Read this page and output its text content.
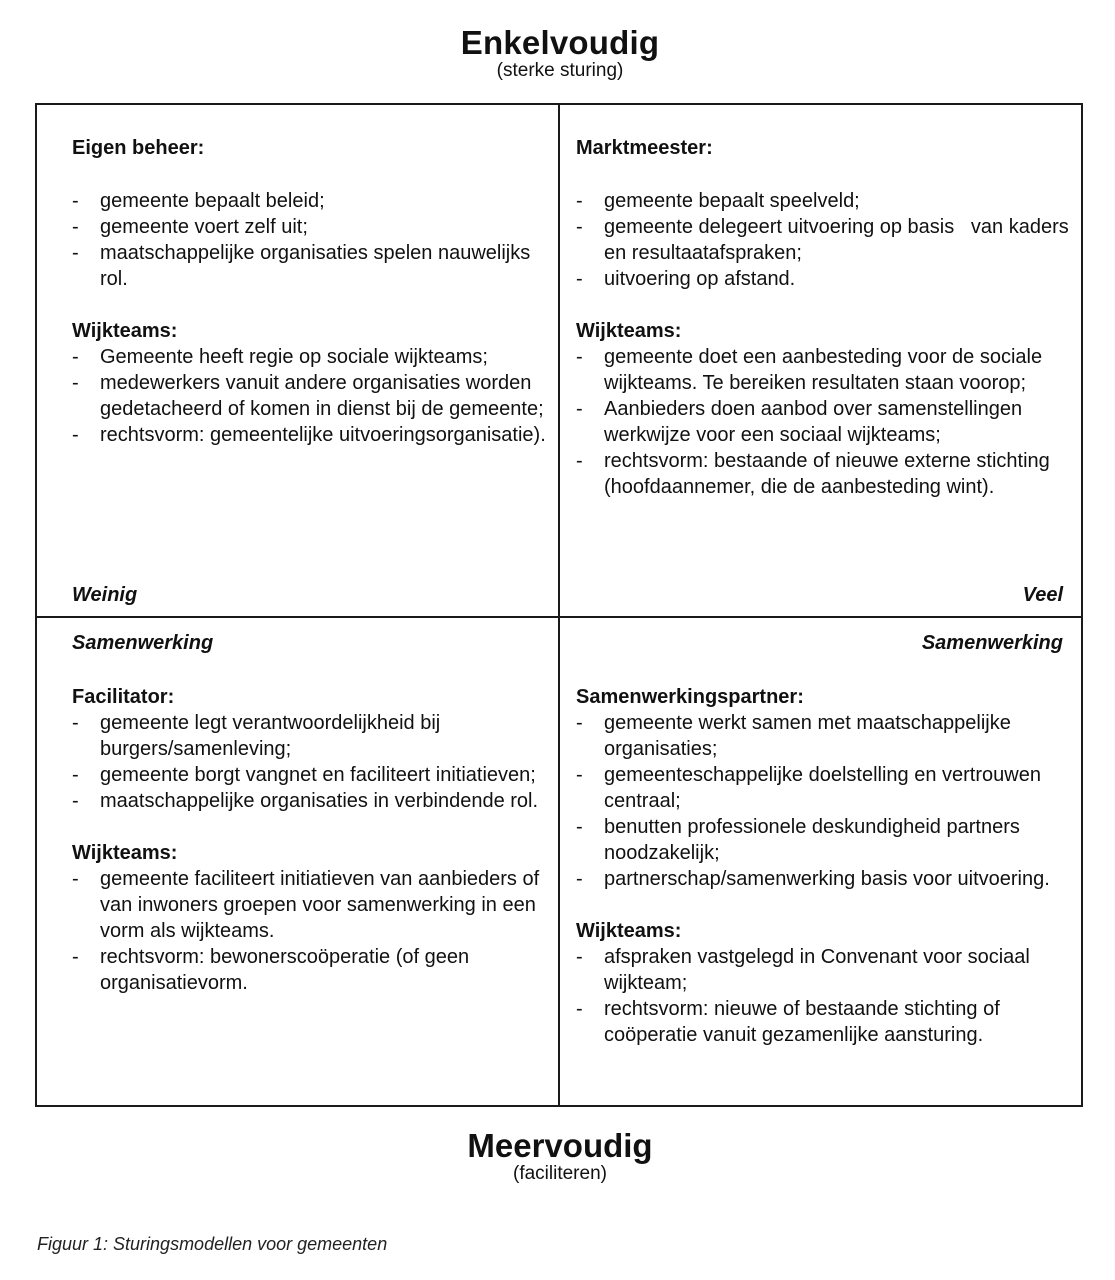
Enkelvoudig
(sterke sturing)

Eigen beheer:

- gemeente bepaalt beleid;
- gemeente voert zelf uit;
- maatschappelijke organisaties spelen nauwelijks rol.

Wijkteams:

- Gemeente heeft regie op sociale wijkteams;
- medewerkers vanuit andere organisaties worden gedetacheerd of komen in dienst bij de gemeente;
- rechtsvorm: gemeentelijke uitvoeringsorganisatie).

Marktmeester:

- gemeente bepaalt speelveld;
- gemeente delegeert uitvoering op basis   van kaders en resultaatafspraken;
- uitvoering op afstand.

Wijkteams:

- gemeente doet een aanbesteding voor de sociale wijkteams. Te bereiken resultaten staan voorop;
- Aanbieders doen aanbod over samenstellingen werkwijze voor een sociaal wijkteams;
- rechtsvorm: bestaande of nieuwe externe stichting (hoofdaannemer, die de aanbesteding wint).
Weinig	Veel
Samenwerking	Samenwerking

Facilitator:

- gemeente legt verantwoordelijkheid bij burgers/samenleving;
- gemeente borgt vangnet en faciliteert initiatieven;
- maatschappelijke organisaties in verbindende rol.

Wijkteams:

- gemeente faciliteert initiatieven van aanbieders of van inwoners groepen voor samenwerking in een vorm als wijkteams.
- rechtsvorm: bewonerscoöperatie (of geen organisatievorm.

Samenwerkingspartner:

- gemeente werkt samen met maatschappelijke organisaties;
- gemeenteschappelijke doelstelling en vertrouwen centraal;
- benutten professionele deskundigheid partners noodzakelijk;
- partnerschap/samenwerking basis voor uitvoering.

Wijkteams:

- afspraken vastgelegd in Convenant voor sociaal wijkteam;
- rechtsvorm: nieuwe of bestaande stichting of coöperatie vanuit gezamenlijke aansturing.
Meervoudig
(faciliteren)
Figuur 1: Sturingsmodellen voor gemeenten
